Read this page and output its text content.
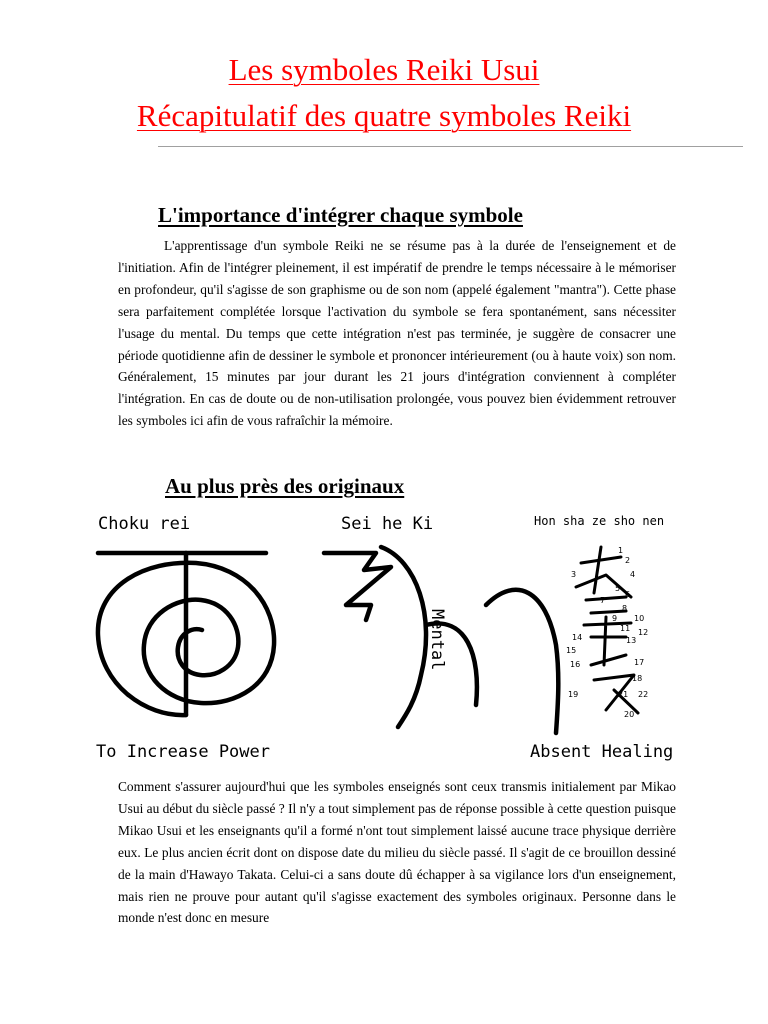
Les symboles Reiki Usui
Récapitulatif des quatre symboles Reiki
L'importance d'intégrer chaque symbole

L'apprentissage d'un symbole Reiki ne se résume pas à la durée de l'enseignement et de l'initiation. Afin de l'intégrer pleinement, il est impératif de prendre le temps nécessaire à le mémoriser en profondeur, qu'il s'agisse de son graphisme ou de son nom (appelé également "mantra"). Cette phase sera parfaitement complétée lorsque l'activation du symbole se fera spontanément, sans nécessiter l'usage du mental. Du temps que cette intégration n'est pas terminée, je suggère de consacrer une période quotidienne afin de dessiner le symbole et prononcer intérieurement (ou à haute voix) son nom. Généralement, 15 minutes par jour durant les 21 jours d'intégration conviennent à compléter l'intégration. En cas de doute ou de non-utilisation prolongée, vous pouvez bien évidemment retrouver les symboles ici afin de vous rafraîchir la mémoire.

Au plus près des originaux
Choku rei
To Increase Power
Sei he Ki
Mental
Hon sha ze sho nen
1
2
3	4
5
6
7
8
9 10
11 12
13
14
15
16	17
18
19
20
21 22
Absent Healing

Comment s'assurer aujourd'hui que les symboles enseignés sont ceux transmis initialement par Mikao Usui au début du siècle passé ? Il n'y a tout simplement pas de réponse possible à cette question puisque Mikao Usui et les enseignants qu'il a formé n'ont tout simplement laissé aucune trace physique derrière eux. Le plus ancien écrit dont on dispose date du milieu du siècle passé. Il s'agit de ce brouillon dessiné de la main d'Hawayo Takata. Celui-ci a sans doute dû échapper à sa vigilance lors d'un enseignement, mais rien ne prouve pour autant qu'il s'agisse exactement des symboles originaux. Personne dans le monde n'est donc en mesure
